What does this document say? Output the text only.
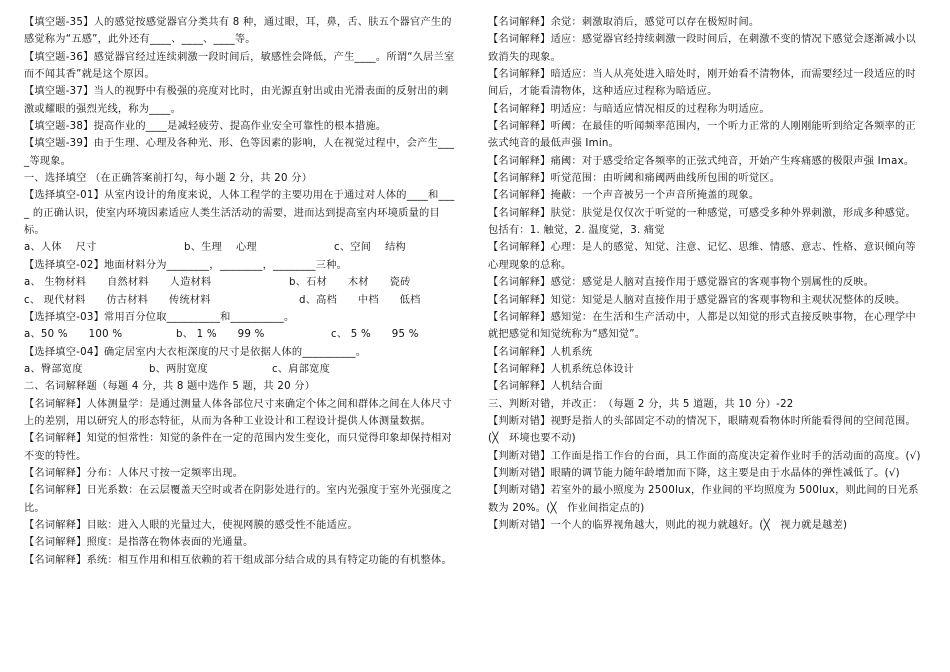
【填空题-35】人的感觉按感觉器官分类共有 8 种，通过眼，耳，鼻，舌、肤五个器官产生的感觉称为“五感”，此外还有____、____、____等。

【填空题-36】感觉器官经过连续刺激一段时间后，敏感性会降低，产生____。所谓“久居兰室而不闻其香”就是这个原因。

【填空题-37】当人的视野中有极强的亮度对比时，由光源直射出或由光滑表面的反射出的刺激或耀眼的强烈光线，称为____。

【填空题-38】提高作业的____是减轻疲劳、提高作业安全可靠性的根本措施。

【填空题-39】由于生理、心理及各种光、形、色等因素的影响，人在视觉过程中，会产生____等现象。

一、选择填空 （在正确答案前打勾，每小题 2 分，共 20 分）

【选择填空-01】从室内设计的角度来说，人体工程学的主要功用在于通过对人体的____和____ 的正确认识，使室内环境因素适应人类生活活动的需要，进而达到提高室内环境质量的目标。

a、人体　 尺寸	b、生理　 心理	c、空间　 结构

【选择填空-02】地面材料分为________，________，________三种。

a、 生物材料　　自然材料　　人造材料	b、石材　　木材　　瓷砖
c、 现代材料　　仿古材料　　传统材料	d、高档　　中档　　低档

【选择填空-03】常用百分位取__________和__________。

a、50 %　　100 %	b、 1 %　　99 %	c、 5 %　　95 %

【选择填空-04】确定居室内大衣柜深度的尺寸是依据人体的__________。

a、臀部宽度	b、两肘宽度	c、肩部宽度

二、名词解释题（每题 4 分，共 8 题中选作 5 题，共 20 分）

【名词解释】人体测量学：是通过测量人体各部位尺寸来确定个体之间和群体之间在人体尺寸上的差别，用以研究人的形态特征，从而为各种工业设计和工程设计提供人体测量数据。

【名词解释】知觉的恒常性：知觉的条件在一定的范围内发生变化，而只觉得印象却保持相对不变的特性。

【名词解释】分布：人体尺寸按一定频率出现。

【名词解释】日光系数：在云层覆盖天空时或者在阴影处进行的。室内光强度于室外光强度之比。

【名词解释】目眩：进入人眼的光量过大，使视网膜的感受性不能适应。

【名词解释】照度：是指落在物体表面的光通量。

【名词解释】系统：相互作用和相互依赖的若干组成部分结合成的具有特定功能的有机整体。

【名词解释】余觉：刺激取消后，感觉可以存在极短时间。

【名词解释】适应：感觉器官经持续刺激一段时间后，在刺激不变的情况下感觉会逐渐减小以致消失的现象。

【名词解释】暗适应：当人从亮处进入暗处时，刚开始看不清物体，而需要经过一段适应的时间后，才能看清物体，这种适应过程称为暗适应。

【名词解释】明适应：与暗适应情况相反的过程称为明适应。

【名词解释】听阈：在最佳的听闻频率范围内，一个听力正常的人刚刚能听到给定各频率的正弦式纯音的最低声强 Imin。

【名词解释】痛阈：对于感受给定各频率的正弦式纯音，开始产生疼痛感的极限声强 Imax。

【名词解释】听觉范围：由听阈和痛阈两曲线所包围的听觉区。

【名词解释】掩蔽：一个声音被另一个声音所掩盖的现象。

【名词解释】肤觉：肤觉是仅仅次于听觉的一种感觉，可感受多种外界刺激，形成多种感觉。包括有：1. 触觉，2. 温度觉，3. 痛觉

【名词解释】心理：是人的感觉、知觉、注意、记忆、思维、情感、意志、性格、意识倾向等心理现象的总称。

【名词解释】感觉：感觉是人脑对直接作用于感觉器官的客观事物个别属性的反映。

【名词解释】知觉：知觉是人脑对直接作用于感觉器官的客观事物和主观状况整体的反映。

【名词解释】感知觉：在生活和生产活动中，人都是以知觉的形式直接反映事物，在心理学中就把感觉和知觉统称为“感知觉”。

【名词解释】人机系统

【名词解释】人机系统总体设计

【名词解释】人机结合面

三、判断对错，并改正：　（每题 2 分，共 5 道题，共 10 分）-22

【判断对错】视野是指人的头部固定不动的情况下，眼睛观看物体时所能看得间的空间范围。(╳　环境也要不动)

【判断对错】工作面是指工作台的台面，具工作面的高度决定着作业时手的活动面的高度。(√)

【判断对错】眼睛的调节能力随年龄增加而下降，这主要是由于水晶体的弹性减低了。(√)

【判断对错】若室外的最小照度为 2500lux，作业间的平均照度为 500lux，则此间的日光系数为 20%。(╳　作业间指定点的)

【判断对错】一个人的临界视角越大，则此的视力就越好。(╳　视力就是越差)
